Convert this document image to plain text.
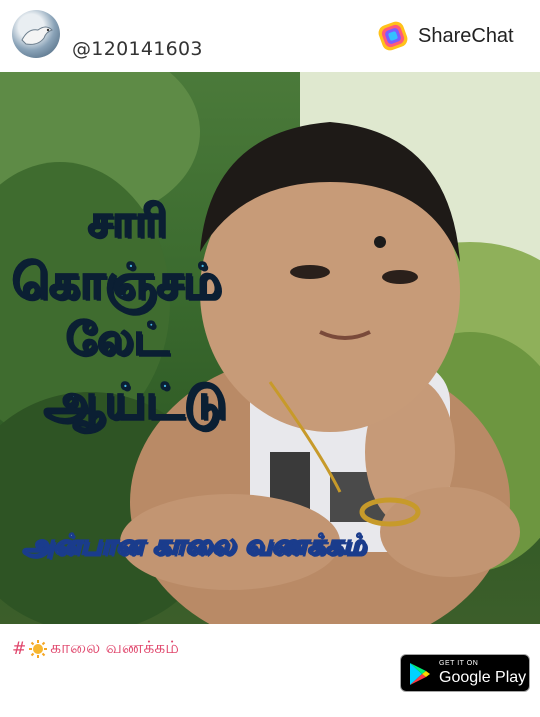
@120141603
ShareChat
சாரி
கொஞ்சம்
லேட்
ஆய்ட்டு
அன்பான காலை வணக்கம்
# காலை வணக்கம்
GET IT ON
Google Play
